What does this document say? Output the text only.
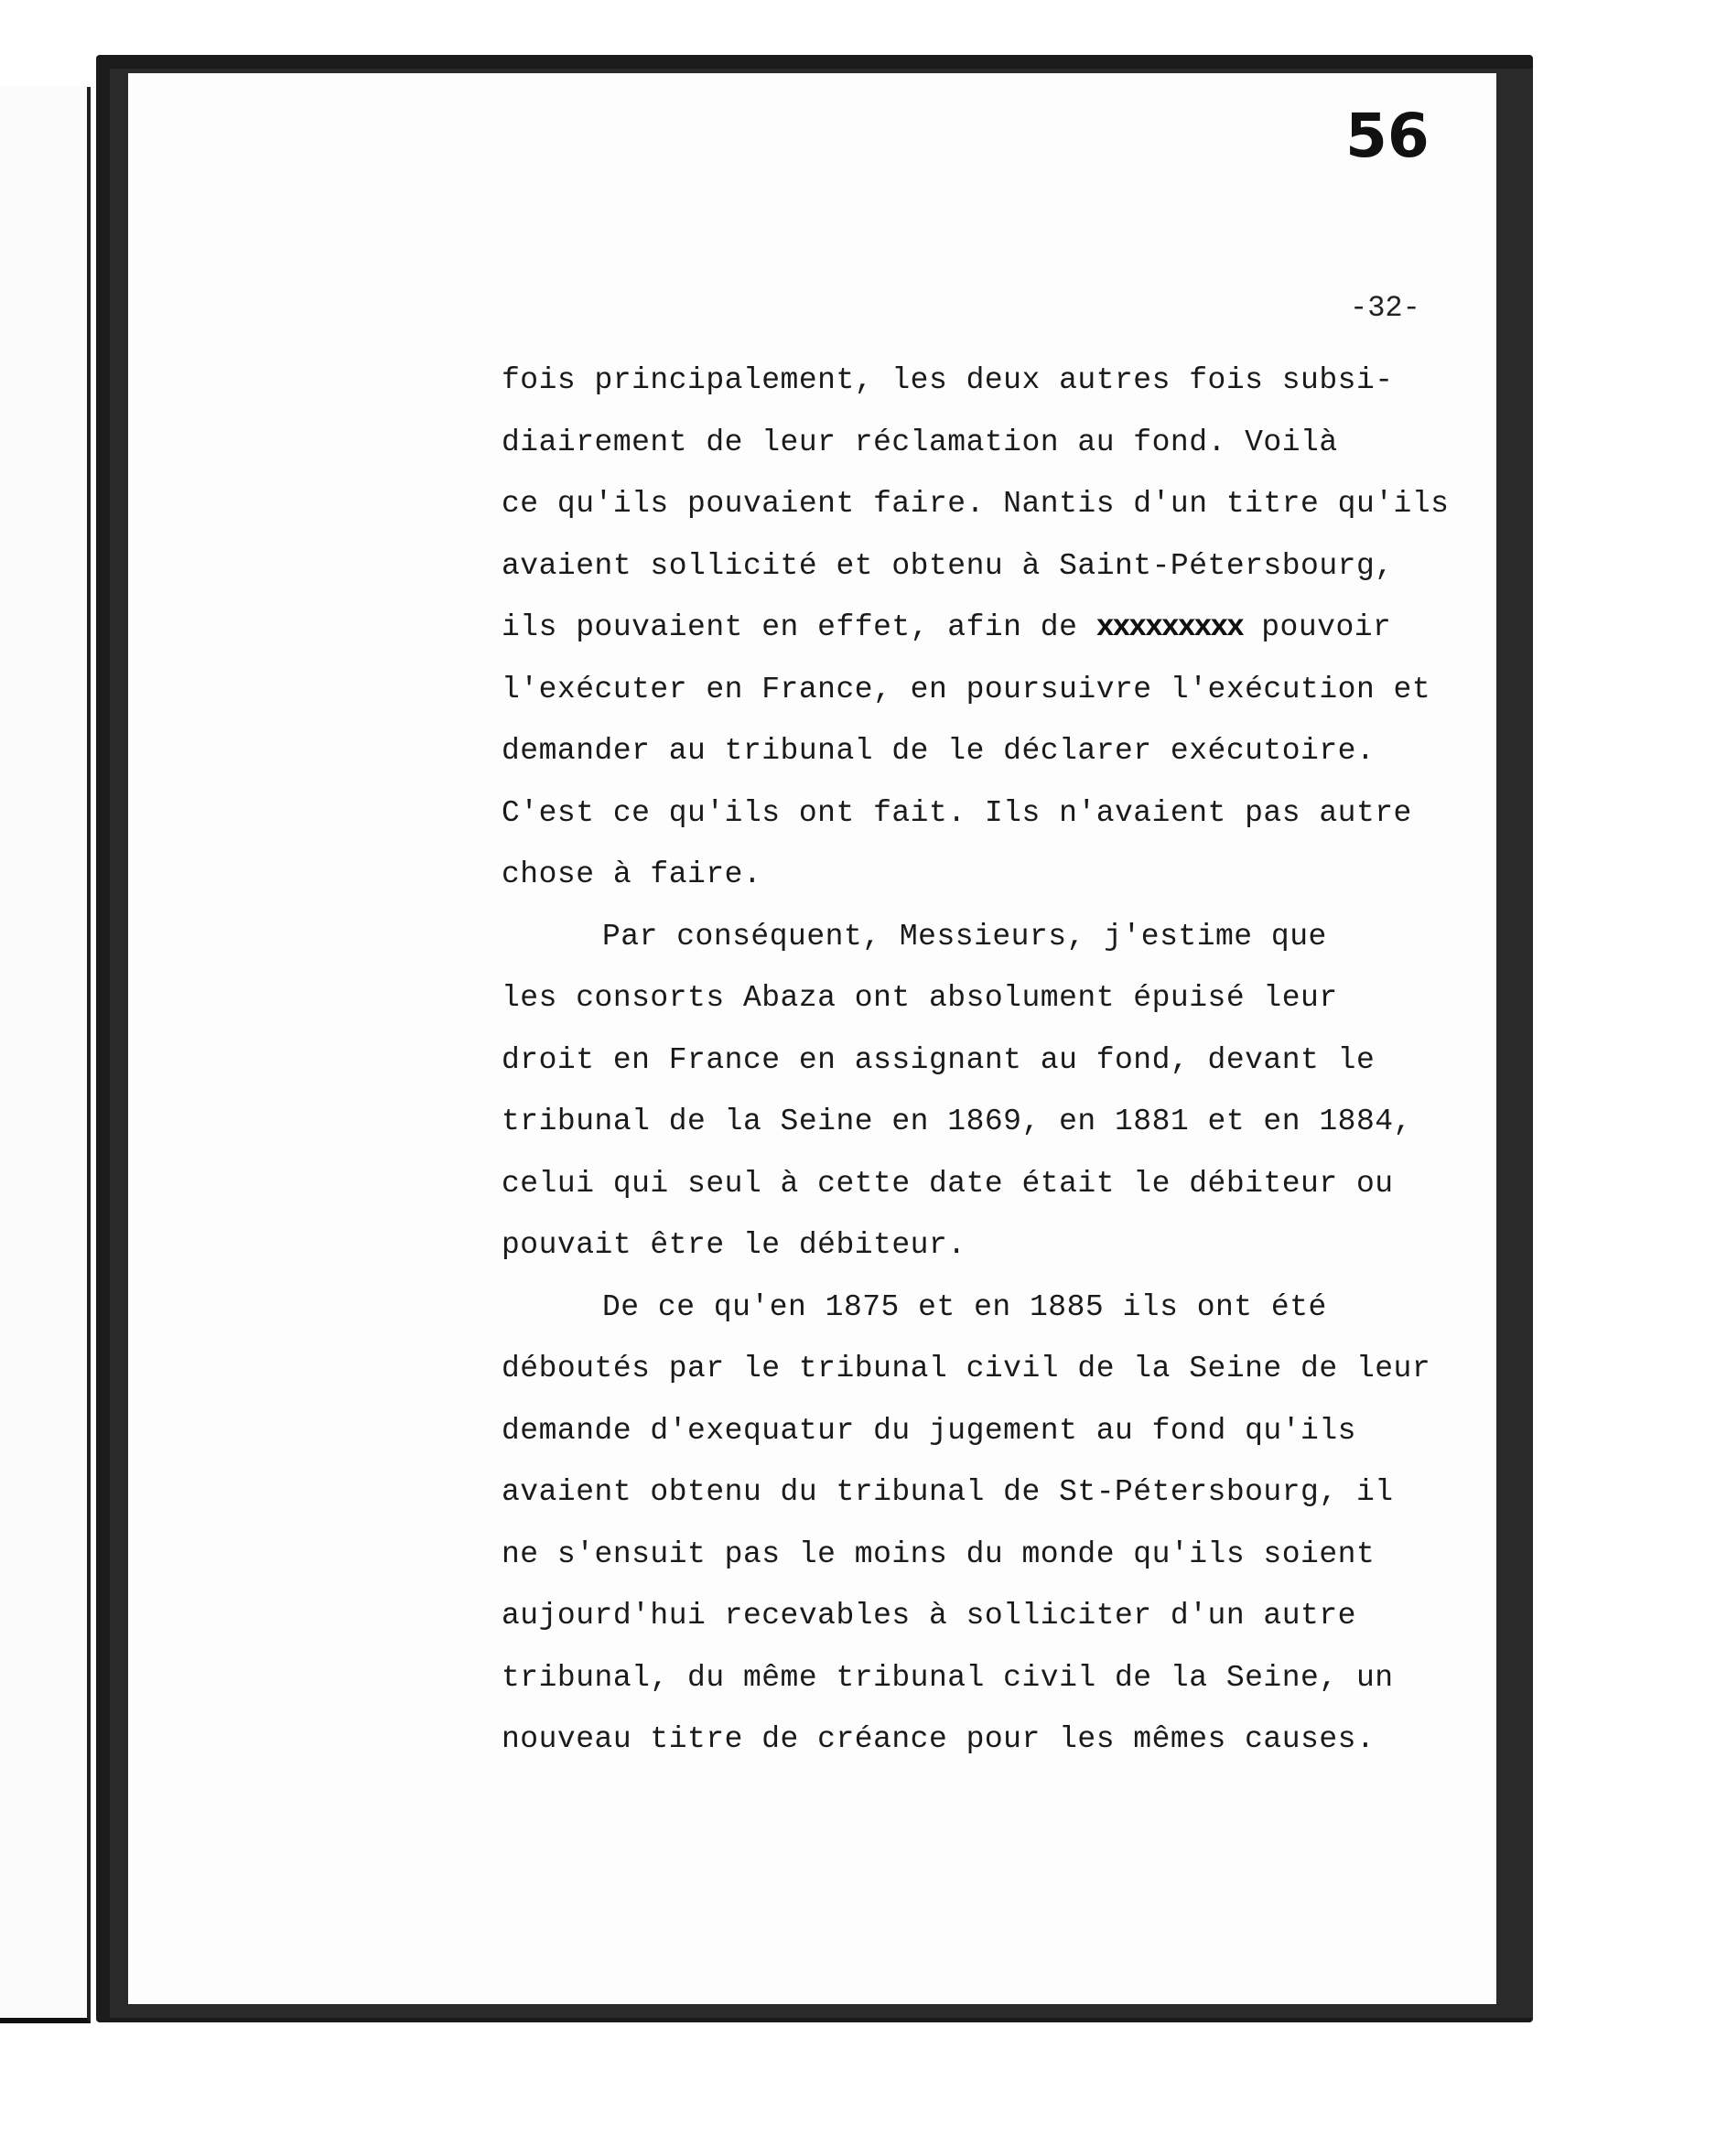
56
-32-
fois principalement, les deux autres fois subsi-
diairement de leur réclamation au fond. Voilà
ce qu'ils pouvaient faire. Nantis d'un titre qu'ils
avaient sollicité et obtenu à Saint-Pétersbourg,
ils pouvaient en effet, afin de xxxxxxxxx pouvoir
l'exécuter en France, en poursuivre l'exécution et
demander au tribunal de le déclarer exécutoire.
C'est ce qu'ils ont fait. Ils n'avaient pas autre
chose à faire.
Par conséquent, Messieurs, j'estime que
les consorts Abaza ont absolument épuisé leur
droit en France en assignant au fond, devant le
tribunal de la Seine en 1869, en 1881 et en 1884,
celui qui seul à cette date était le débiteur ou
pouvait être le débiteur.
De ce qu'en 1875 et en 1885 ils ont été
déboutés par le tribunal civil de la Seine de leur
demande d'exequatur du jugement au fond qu'ils
avaient obtenu du tribunal de St-Pétersbourg, il
ne s'ensuit pas le moins du monde qu'ils soient
aujourd'hui recevables à solliciter d'un autre
tribunal, du même tribunal civil de la Seine, un
nouveau titre de créance pour les mêmes causes.
